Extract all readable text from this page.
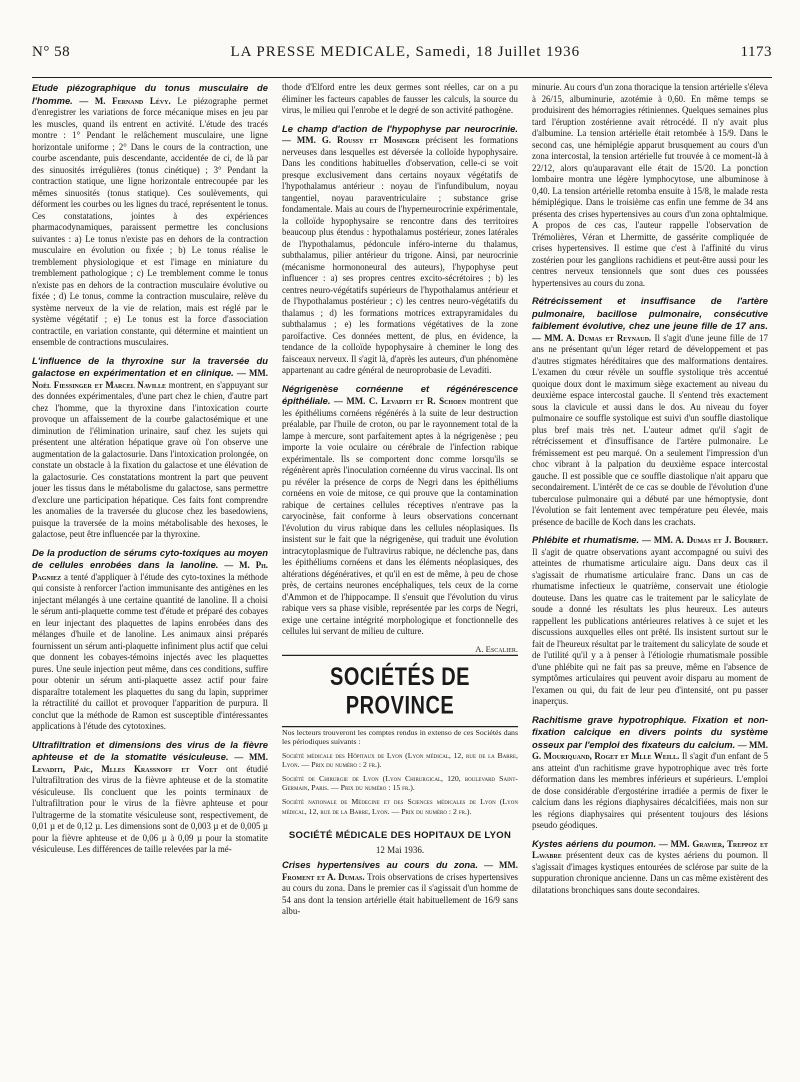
N° 58	LA PRESSE MEDICALE, Samedi, 18 Juillet 1936	1173

Etude piézographique du tonus musculaire de l'homme. — M. Fernand Lévy. Le piézographe permet d'enregistrer les variations de force mécanique mises en jeu par les muscles, quand ils entrent en activité. L'étude des tracés montre : 1° Pendant le relâchement musculaire, une ligne horizontale uniforme ; 2° Dans le cours de la contraction, une courbe ascendante, puis descendante, accidentée de ci, de là par des sinuosités irrégulières (tonus cinétique) ; 3° Pendant la contraction statique, une ligne horizontale entrecoupée par les mêmes sinuosités (tonus statique). Ces soulèvements, qui déforment les courbes ou les lignes du tracé, représentent le tonus. Ces constatations, jointes à des expériences pharmacodynamiques, paraissent permettre les conclusions suivantes : a) Le tonus n'existe pas en dehors de la contraction musculaire en évolution ou fixée ; b) Le tonus réalise le tremblement physiologique et est l'image en miniature du tremblement pathologique ; c) Le tremblement comme le tonus n'existe pas en dehors de la contraction musculaire évolutive ou fixée ; d) Le tonus, comme la contraction musculaire, relève du système nerveux de la vie de relation, mais est réglé par le système végétatif ; e) Le tonus est la force d'association contractile, en variation constante, qui détermine et maintient un ensemble de contractions musculaires.

L'influence de la thyroxine sur la traversée du galactose en expérimentation et en clinique. — MM. Noël Fiessinger et Marcel Naville montrent, en s'appuyant sur des données expérimentales, d'une part chez le chien, d'autre part chez l'homme, que la thyroxine dans l'intoxication courte provoque un affaissement de la courbe galactosémique et une diminution de l'élimination urinaire, sauf chez les sujets qui présentent une altération hépatique grave où l'on observe une augmentation de la galactosurie. Dans l'intoxication prolongée, on constate un obstacle à la fixation du galactose et une élévation de la galactosurie. Ces constatations montrent la part que peuvent jouer les tissus dans le métabolisme du galactose, sans permettre d'exclure une participation hépatique. Ces faits font comprendre les anomalies de la traversée du glucose chez les basedowiens, puisque la traversée de la moins métabolisable des hexoses, le galactose, peut être influencée par la thyroxine.

De la production de sérums cyto-toxiques au moyen de cellules enrobées dans la lanoline. — M. Ph. Pagniez a tenté d'appliquer à l'étude des cyto-toxines la méthode qui consiste à renforcer l'action immunisante des antigènes en les injectant mélangés à une certaine quantité de lanoline. Il a choisi le sérum anti-plaquette comme test d'étude et préparé des cobayes en leur injectant des plaquettes de lapins enrobées dans des mélanges d'huile et de lanoline. Les animaux ainsi préparés fournissent un sérum anti-plaquette infiniment plus actif que celui que donnent les cobayes-témoins injectés avec les plaquettes pures. Une seule injection peut même, dans ces conditions, suffire pour obtenir un sérum anti-plaquette assez actif pour faire disparaître totalement les plaquettes du sang du lapin, supprimer la rétractilité du caillot et provoquer l'apparition de purpura. Il conclut que la méthode de Ramon est susceptible d'intéressantes applications à l'étude des cytotoxines.

Ultrafiltration et dimensions des virus de la fièvre aphteuse et de la stomatite vésiculeuse. — MM. Levaditi, Païc, Mlles Krassnoff et Voet ont étudié l'ultrafiltration des virus de la fièvre aphteuse et de la stomatite vésiculeuse. Ils concluent que les points terminaux de l'ultrafiltration pour le virus de la fièvre aphteuse et pour l'ultragerme de la stomatite vésiculeuse sont, respectivement, de 0,01 µ et de 0,12 µ. Les dimensions sont de 0,003 µ et de 0,005 µ pour la fièvre aphteuse et de 0,06 µ à 0,09 µ pour la stomatite vésiculeuse. Les différences de taille relevées par la mé-

thode d'Elford entre les deux germes sont réelles, car on a pu éliminer les facteurs capables de fausser les calculs, la source du virus, le milieu qui l'enrobe et le degré de son activité pathogène.

Le champ d'action de l'hypophyse par neurocrinie. — MM. G. Roussy et Mosinger précisent les formations nerveuses dans lesquelles est déversée la colloïde hypophysaire. Dans les conditions habituelles d'observation, celle-ci se voit presque exclusivement dans certains noyaux végétatifs de l'hypothalamus antérieur : noyau de l'infundibulum, noyau tangentiel, noyau paraventriculaire ; substance grise fondamentale. Mais au cours de l'hyperneurocrinie expérimentale, la colloïde hypophysaire se rencontre dans des territoires beaucoup plus étendus : hypothalamus postérieur, zones latérales de l'hypothalamus, pédoncule inféro-interne du thalamus, subthalamus, pilier antérieur du trigone. Ainsi, par neurocrinie (mécanisme hormononeural des auteurs), l'hypophyse peut influencer : a) ses propres centres excito-sécrétoires ; b) les centres neuro-végétatifs supérieurs de l'hypothalamus antérieur et de l'hypothalamus postérieur ; c) les centres neuro-végétatifs du thalamus ; d) les formations motrices extrapyramidales du subthalamus ; e) les formations végétatives de la zone paroïfactive. Ces données mettent, de plus, en évidence, la tendance de la colloïde hypophysaire à cheminer le long des faisceaux nerveux. Il s'agit là, d'après les auteurs, d'un phénomène appartenant au cadre général de neuroprobasie de Levaditi.

Négrigenèse cornéenne et régénérescence épithéliale. — MM. C. Levaditi et R. Schoen montrent que les épithéliums cornéens régénérés à la suite de leur destruction préalable, par l'huile de croton, ou par le rayonnement total de la lampe à mercure, sont parfaitement aptes à la négrigenèse ; peu importe la voie oculaire ou cérébrale de l'infection rabique expérimentale. Ils se comportent donc comme lorsqu'ils se régénèrent après l'inoculation cornéenne du virus vaccinal. Ils ont pu révéler la présence de corps de Negri dans les épithéliums cornéens en voie de mitose, ce qui prouve que la contamination rabique de certaines cellules réceptives n'entrave pas la caryocinèse, fait conforme à leurs observations concernant l'évolution du virus rabique dans les cellules néoplasiques. Ils insistent sur le fait que la négrigenèse, qui traduit une évolution intracytoplasmique de l'ultravirus rabique, ne déclenche pas, dans les épithéliums cornéens et dans les éléments néoplasiques, des altérations dégénératives, et qu'il en est de même, à peu de chose près, de certains neurones encéphaliques, tels ceux de la corne d'Ammon et de l'hippocampe. Il s'ensuit que l'évolution du virus rabique vers sa phase visible, représentée par les corps de Negri, exige une certaine intégrité morphologique et fonctionnelle des cellules lui servant de milieu de culture.

A. Escalier.
SOCIÉTÉS DE PROVINCE

Nos lecteurs trouveront les comptes rendus in extenso de ces Sociétés dans les périodiques suivants :

Société médicale des Hôpitaux de Lyon (Lyon médical, 12, rue de la Barre, Lyon. — Prix du numéro : 2 fr.).

Société de Chirurgie de Lyon (Lyon Chirurgical, 120, boulevard Saint-Germain, Paris. — Prix du numéro : 15 fr.).

Société nationale de Médecine et des Sciences médicales de Lyon (Lyon médical, 12, rue de la Barre, Lyon. — Prix du numéro : 2 fr.).

SOCIÉTÉ MÉDICALE DES HOPITAUX DE LYON
12 Mai 1936.

Crises hypertensives au cours du zona. — MM. Froment et A. Dumas. Trois observations de crises hypertensives au cours du zona. Dans le premier cas il s'agissait d'un homme de 54 ans dont la tension artérielle était habituellement de 16/9 sans albu-

minurie. Au cours d'un zona thoracique la tension artérielle s'éleva à 26/15, albuminurie, azotémie à 0,60. En même temps se produisirent des hémorragies rétiniennes. Quelques semaines plus tard l'éruption zostérienne avait rétrocédé. Il n'y avait plus d'albumine. La tension artérielle était retombée à 15/9. Dans le second cas, une hémiplégie apparut brusquement au cours d'un zona intercostal, la tension artérielle fut trouvée à ce moment-là à 22/12, alors qu'auparavant elle était de 15/20. La ponction lombaire montra une légère lymphocytose, une albuminose à 0,40. La tension artérielle retomba ensuite à 15/8, le malade resta hémiplégique. Dans le troisième cas enfin une femme de 34 ans présenta des crises hypertensives au cours d'un zona ophtalmique. A propos de ces cas, l'auteur rappelle l'observation de Trémolières, Véran et Lhermitte, de gassérite compliquée de crises hypertensives. Il estime que c'est à l'affinité du virus zostérien pour les ganglions rachidiens et peut-être aussi pour les centres nerveux tensionnels que sont dues ces poussées hypertensives au cours du zona.

Rétrécissement et insuffisance de l'artère pulmonaire, bacillose pulmonaire, consécutive faiblement évolutive, chez une jeune fille de 17 ans. — MM. A. Dumas et Reynaud. Il s'agit d'une jeune fille de 17 ans ne présentant qu'un léger retard de développement et pas d'autres stigmates héréditaires que des malformations dentaires. L'examen du cœur révèle un souffle systolique très accentué quoique doux dont le maximum siège exactement au niveau du deuxième espace intercostal gauche. Il s'entend très exactement sous la clavicule et aussi dans le dos. Au niveau du foyer pulmonaire ce souffle systolique est suivi d'un souffle diastolique plus bref mais très net. L'auteur admet qu'il s'agit de rétrécissement et d'insuffisance de l'artère pulmonaire. Le frémissement est peu marqué. On a seulement l'impression d'un choc vibrant à la palpation du deuxième espace intercostal gauche. Il est possible que ce souffle diastolique n'ait apparu que secondairement. L'intérêt de ce cas se double de l'évolution d'une tuberculose pulmonaire qui a débuté par une hémoptysie, dont l'évolution se fait lentement avec température peu élevée, mais présence de bacille de Koch dans les crachats.

Phlébite et rhumatisme. — MM. A. Dumas et J. Bourret. Il s'agit de quatre observations ayant accompagné ou suivi des atteintes de rhumatisme articulaire aigu. Dans deux cas il s'agissait de rhumatisme articulaire franc. Dans un cas de rhumatisme infectieux le quatrième, conservait une étiologie douteuse. Dans les quatre cas le traitement par le salicylate de soude a donné les résultats les plus heureux. Les auteurs rappellent les publications antérieures relatives à ce sujet et les discussions auxquelles elles ont prêté. Ils insistent surtout sur le fait de l'heureux résultat par le traitement du salicylate de soude et de l'utilité qu'il y a à penser à l'étiologie rhumatismale possible d'une phlébite qui ne fait pas sa preuve, même en l'absence de symptômes articulaires qui peuvent avoir disparu au moment de l'examen ou qui, du fait de leur peu d'intensité, ont pu passer inaperçus.

Rachitisme grave hypotrophique. Fixation et non-fixation calcique en divers points du système osseux par l'emploi des fixateurs du calcium. — MM. G. Mouriquand, Roget et Mlle Weill. Il s'agit d'un enfant de 5 ans atteint d'un rachitisme grave hypotrophique avec très forte déformation dans les membres inférieurs et supérieurs. L'emploi de dose considérable d'ergostérine irradiée a permis de fixer le calcium dans les régions diaphysaires décalcifiées, mais non sur les régions diaphysaires qui présentent toujours des lésions pseudo géodiques.

Kystes aériens du poumon. — MM. Gravier, Treppoz et Lavabre présentent deux cas de kystes aériens du poumon. Il s'agissait d'images kystiques entourées de sclérose par suite de la suppuration chronique ancienne. Dans un cas même existèrent des dilatations bronchiques sans doute secondaires.
